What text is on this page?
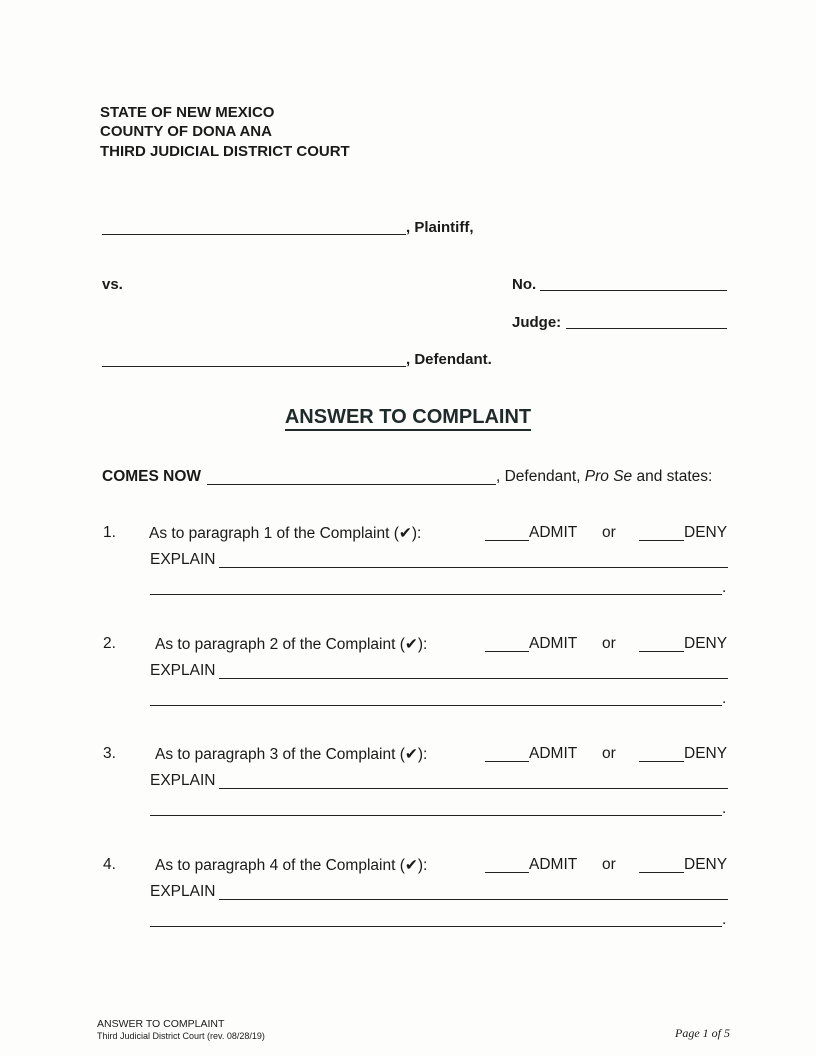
STATE OF NEW MEXICO
COUNTY OF DONA ANA
THIRD JUDICIAL DISTRICT COURT
, Plaintiff,
vs.	No.
Judge:
, Defendant.
ANSWER TO COMPLAINT
COMES NOW	, Defendant, Pro Se and states:
1. As to paragraph 1 of the Complaint (✔):	ADMIT or	DENY
EXPLAIN
.
2.	As to paragraph 2 of the Complaint (✔):	ADMIT or	DENY
EXPLAIN
.
3.	As to paragraph 3 of the Complaint (✔):	ADMIT or	DENY
EXPLAIN
.
4.	As to paragraph 4 of the Complaint (✔):	ADMIT or	DENY
EXPLAIN
.
ANSWER TO COMPLAINT
Third Judicial District Court (rev. 08/28/19)	Page 1 of 5
